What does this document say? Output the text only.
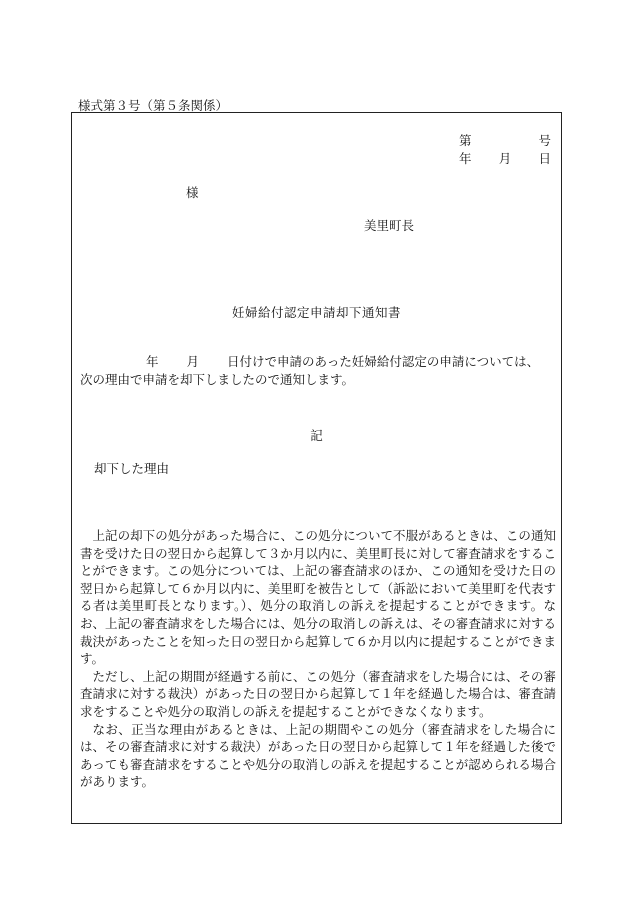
様式第３号（第５条関係）
第	号
年 月 日
様
美里町長
妊婦給付認定申請却下通知書
年 月 日付けで申請のあった妊婦給付認定の申請については、
次の理由で申請を却下しましたので通知します。
記
却下した理由

上記の却下の処分があった場合に、この処分について不服があるときは、この通知書を受けた日の翌日から起算して３か月以内に、美里町長に対して審査請求をすることができます。この処分については、上記の審査請求のほか、この通知を受けた日の翌日から起算して６か月以内に、美里町を被告として（訴訟において美里町を代表する者は美里町長となります。）、処分の取消しの訴えを提起することができます。なお、上記の審査請求をした場合には、処分の取消しの訴えは、その審査請求に対する裁決があったことを知った日の翌日から起算して６か月以内に提起することができます。

ただし、上記の期間が経過する前に、この処分（審査請求をした場合には、その審査請求に対する裁決）があった日の翌日から起算して１年を経過した場合は、審査請求をすることや処分の取消しの訴えを提起することができなくなります。

なお、正当な理由があるときは、上記の期間やこの処分（審査請求をした場合には、その審査請求に対する裁決）があった日の翌日から起算して１年を経過した後であっても審査請求をすることや処分の取消しの訴えを提起することが認められる場合があります。
